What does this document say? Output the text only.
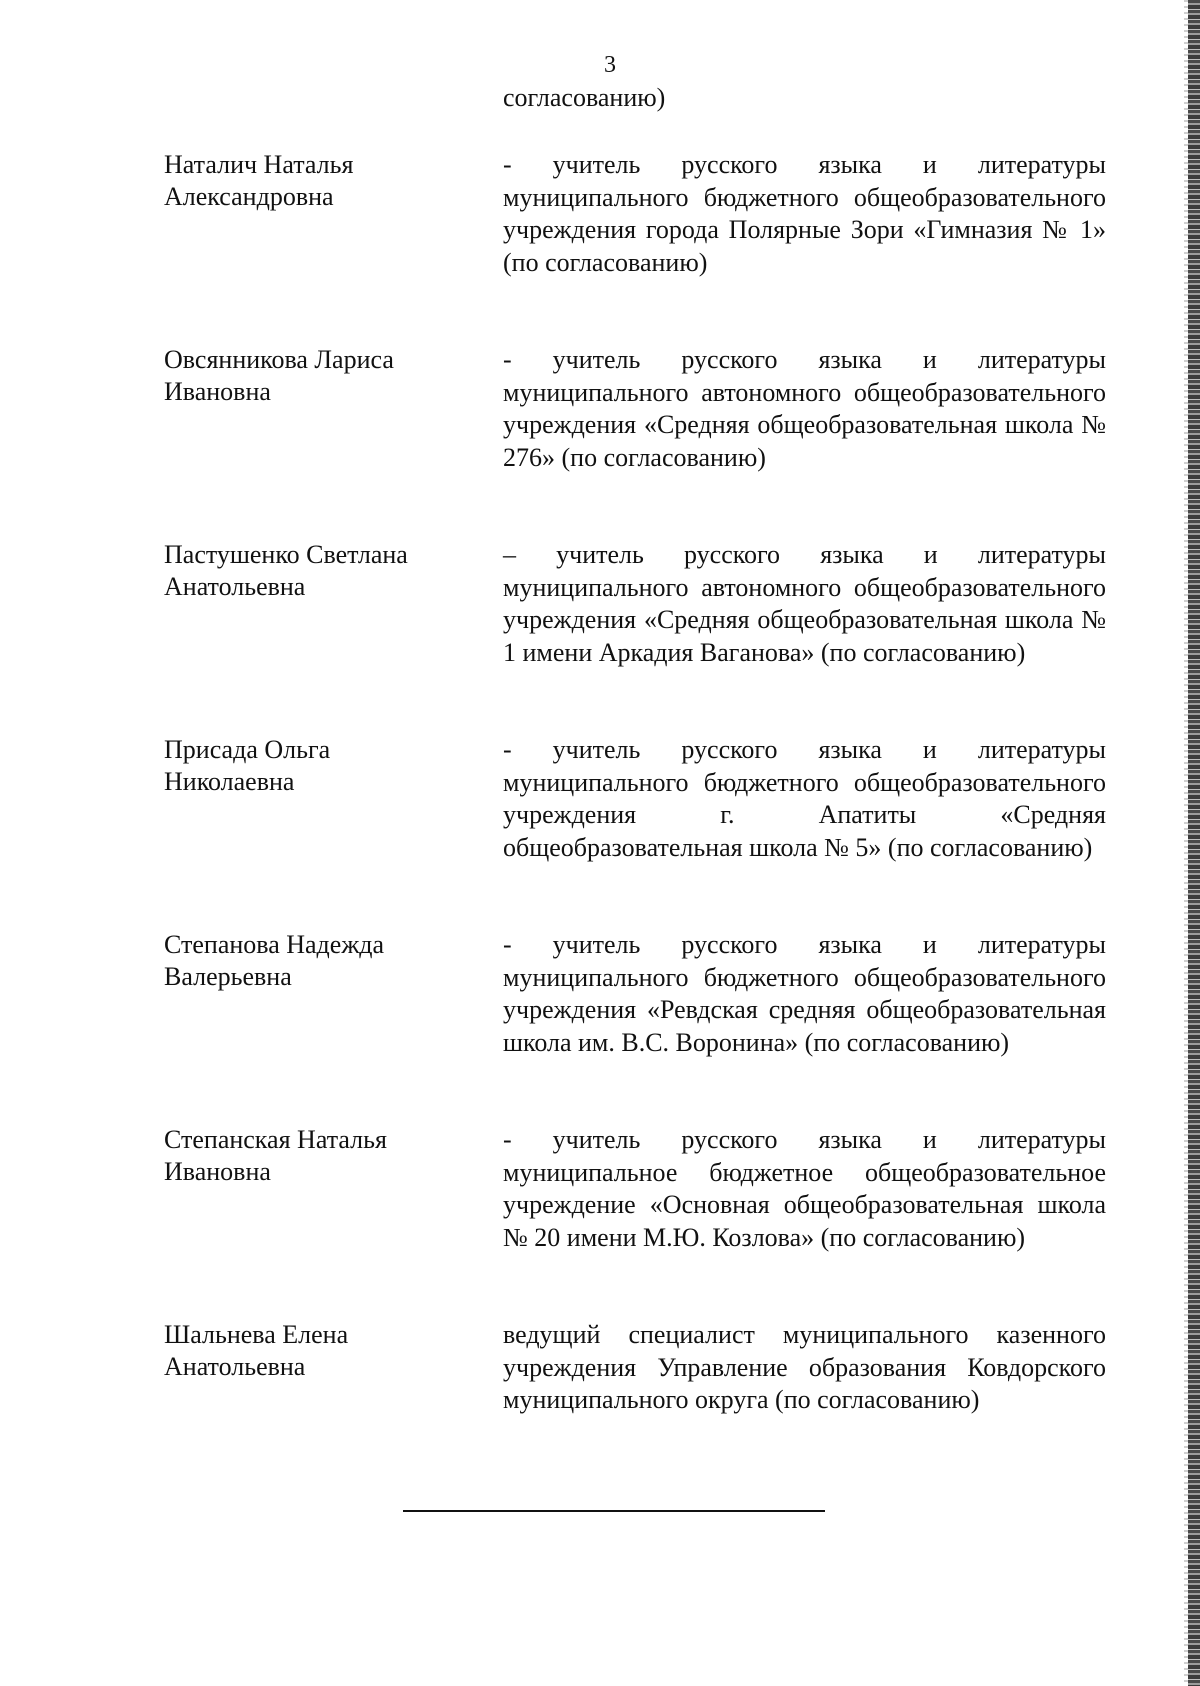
3
согласованию)
Наталич Наталья
Александровна
- учитель русского языка и литературы муниципального бюджетного общеобразовательного учреждения города Полярные Зори «Гимназия № 1» (по согласованию)
Овсянникова Лариса
Ивановна
- учитель русского языка и литературы муниципального автономного общеобразовательного учреждения «Средняя общеобразовательная школа № 276» (по согласованию)
Пастушенко Светлана
Анатольевна
– учитель русского языка и литературы муниципального автономного общеобразовательного учреждения «Средняя общеобразовательная школа № 1 имени Аркадия Ваганова» (по согласованию)
Присада Ольга
Николаевна
- учитель русского языка и литературы муниципального бюджетного общеобразовательного учреждения г. Апатиты «Средняя общеобразовательная школа № 5» (по согласованию)
Степанова Надежда
Валерьевна
- учитель русского языка и литературы муниципального бюджетного общеобразовательного учреждения «Ревдская средняя общеобразовательная школа им. В.С. Воронина» (по согласованию)
Степанская Наталья
Ивановна
- учитель русского языка и литературы муниципальное бюджетное общеобразовательное учреждение «Основная общеобразовательная школа № 20 имени М.Ю. Козлова» (по согласованию)
Шальнева Елена
Анатольевна
ведущий специалист муниципального казенного учреждения Управление образования Ковдорского муниципального округа (по согласованию)
